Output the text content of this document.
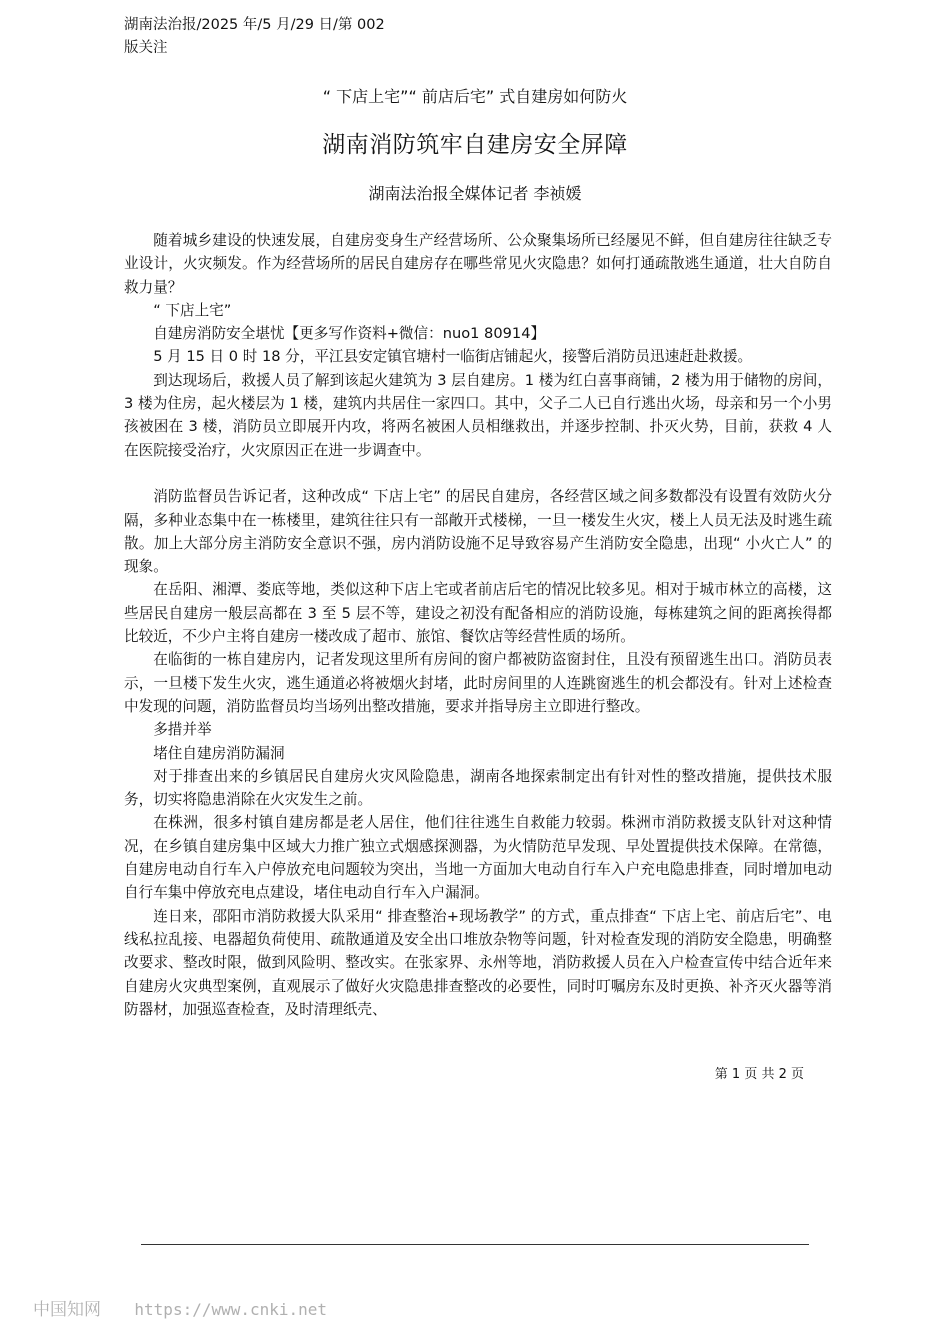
湖南法治报/2025 年/5 月/29 日/第 002
版关注
“ 下店上宅”“ 前店后宅” 式自建房如何防火
湖南消防筑牢自建房安全屏障
湖南法治报全媒体记者 李祯媛

随着城乡建设的快速发展，自建房变身生产经营场所、公众聚集场所已经屡见不鲜，但自建房往往缺乏专业设计，火灾频发。作为经营场所的居民自建房存在哪些常见火灾隐患？如何打通疏散逃生通道，壮大自防自救力量？

“ 下店上宅”

自建房消防安全堪忧【更多写作资料+微信：nuo1 80914】

5 月 15 日 0 时 18 分，平江县安定镇官塘村一临街店铺起火，接警后消防员迅速赶赴救援。

到达现场后，救援人员了解到该起火建筑为 3 层自建房。1 楼为红白喜事商铺，2 楼为用于储物的房间，3 楼为住房，起火楼层为 1 楼，建筑内共居住一家四口。其中，父子二人已自行逃出火场，母亲和另一个小男孩被困在 3 楼，消防员立即展开内攻，将两名被困人员相继救出，并逐步控制、扑灭火势，目前，获救 4 人在医院接受治疗，火灾原因正在进一步调查中。

消防监督员告诉记者，这种改成“ 下店上宅” 的居民自建房，各经营区域之间多数都没有设置有效防火分隔，多种业态集中在一栋楼里，建筑往往只有一部敞开式楼梯，一旦一楼发生火灾，楼上人员无法及时逃生疏散。加上大部分房主消防安全意识不强，房内消防设施不足导致容易产生消防安全隐患，出现“ 小火亡人” 的现象。

在岳阳、湘潭、娄底等地，类似这种下店上宅或者前店后宅的情况比较多见。相对于城市林立的高楼，这些居民自建房一般层高都在 3 至 5 层不等，建设之初没有配备相应的消防设施，每栋建筑之间的距离挨得都比较近，不少户主将自建房一楼改成了超市、旅馆、餐饮店等经营性质的场所。

在临街的一栋自建房内，记者发现这里所有房间的窗户都被防盗窗封住，且没有预留逃生出口。消防员表示，一旦楼下发生火灾，逃生通道必将被烟火封堵，此时房间里的人连跳窗逃生的机会都没有。针对上述检查中发现的问题，消防监督员均当场列出整改措施，要求并指导房主立即进行整改。

多措并举

堵住自建房消防漏洞

对于排查出来的乡镇居民自建房火灾风险隐患，湖南各地探索制定出有针对性的整改措施，提供技术服务，切实将隐患消除在火灾发生之前。

在株洲，很多村镇自建房都是老人居住，他们往往逃生自救能力较弱。株洲市消防救援支队针对这种情况，在乡镇自建房集中区域大力推广独立式烟感探测器，为火情防范早发现、早处置提供技术保障。在常德，自建房电动自行车入户停放充电问题较为突出，当地一方面加大电动自行车入户充电隐患排查，同时增加电动自行车集中停放充电点建设，堵住电动自行车入户漏洞。

连日来，邵阳市消防救援大队采用“ 排查整治+现场教学” 的方式，重点排查“ 下店上宅、前店后宅”、电线私拉乱接、电器超负荷使用、疏散通道及安全出口堆放杂物等问题，针对检查发现的消防安全隐患，明确整改要求、整改时限，做到风险明、整改实。在张家界、永州等地，消防救援人员在入户检查宣传中结合近年来自建房火灾典型案例，直观展示了做好火灾隐患排查整改的必要性，同时叮嘱房东及时更换、补齐灭火器等消防器材，加强巡查检查，及时清理纸壳、

第 1 页 共 2 页
中国知网 https://www.cnki.net
